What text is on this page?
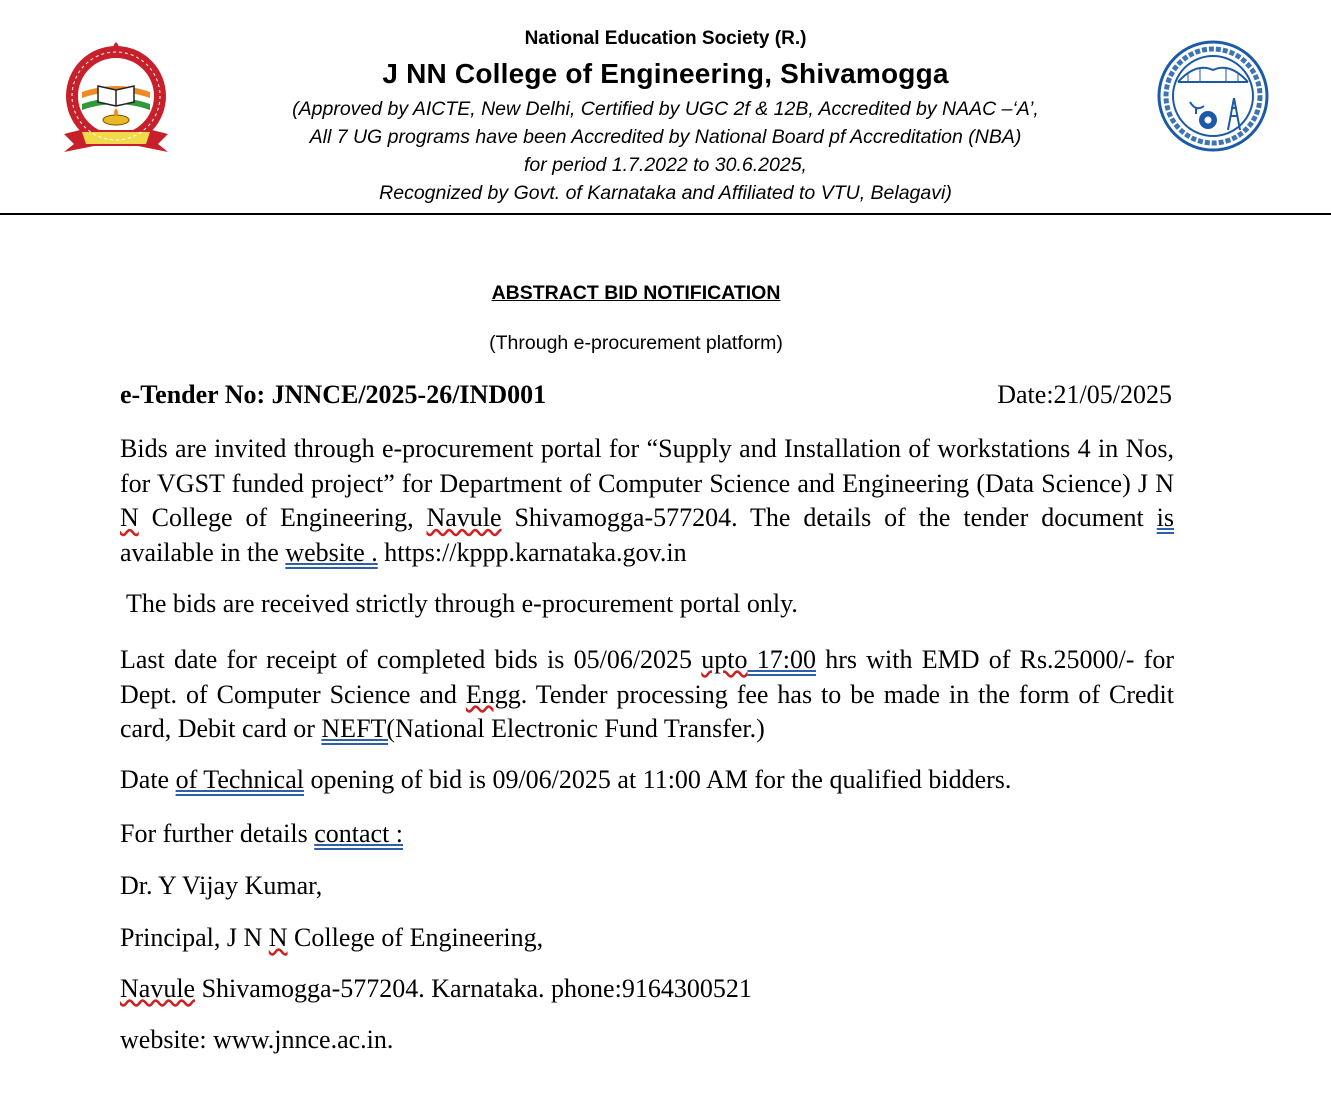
National Education Society (R.)
J NN College of Engineering, Shivamogga
(Approved by AICTE, New Delhi, Certified by UGC 2f & 12B, Accredited by NAAC –‘A’,
All 7 UG programs have been Accredited by National Board pf Accreditation (NBA)
for period 1.7.2022 to 30.6.2025,
Recognized by Govt. of Karnataka and Affiliated to VTU, Belagavi)
ABSTRACT BID NOTIFICATION
(Through e-procurement platform)
e-Tender No: JNNCE/2025-26/IND001	Date:21/05/2025
Bids are invited through e-procurement portal for “Supply and Installation of workstations 4 in Nos, for VGST funded project” for Department of Computer Science and Engineering (Data Science) J N N College of Engineering, Navule Shivamogga-577204. The details of the tender document is available in the website . https://kppp.karnataka.gov.in
The bids are received strictly through e-procurement portal only.
Last date for receipt of completed bids is 05/06/2025 upto 17:00 hrs with EMD of Rs.25000/- for Dept. of Computer Science and Engg. Tender processing fee has to be made in the form of Credit card, Debit card or NEFT(National Electronic Fund Transfer.)
Date of Technical opening of bid is 09/06/2025 at 11:00 AM for the qualified bidders.
For further details contact :
Dr. Y Vijay Kumar,
Principal, J N N College of Engineering,
Navule Shivamogga-577204. Karnataka. phone:9164300521
website: www.jnnce.ac.in.
